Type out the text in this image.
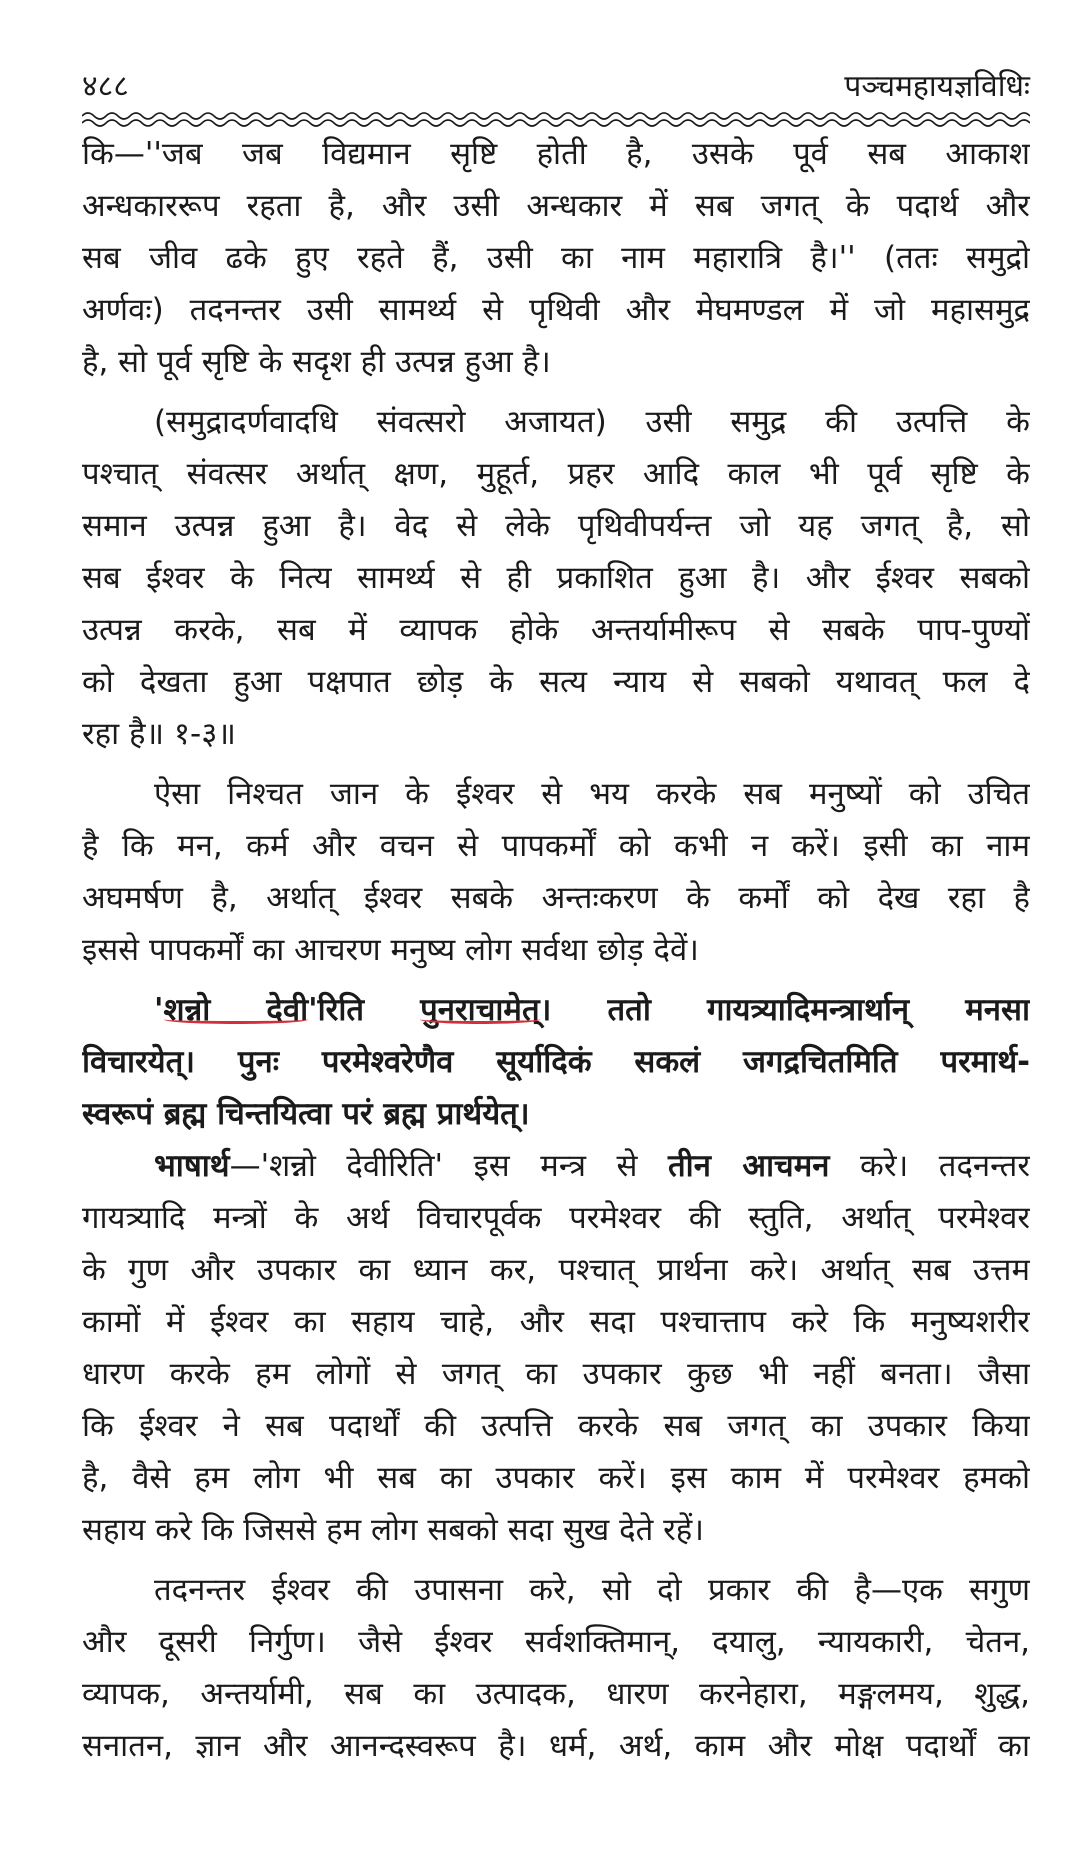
४८८	पञ्चमहायज्ञविधिः
कि—''जब जब विद्यमान सृष्टि होती है, उसके पूर्व सब आकाश
अन्धकाररूप रहता है, और उसी अन्धकार में सब जगत् के पदार्थ और
सब जीव ढके हुए रहते हैं, उसी का नाम महारात्रि है।'' (ततः समुद्रो
अर्णवः) तदनन्तर उसी सामर्थ्य से पृथिवी और मेघमण्डल में जो महासमुद्र
है, सो पूर्व सृष्टि के सदृश ही उत्पन्न हुआ है।
(समुद्रादर्णवादधि संवत्सरो अजायत) उसी समुद्र की उत्पत्ति के
पश्चात् संवत्सर अर्थात् क्षण, मुहूर्त, प्रहर आदि काल भी पूर्व सृष्टि के
समान उत्पन्न हुआ है। वेद से लेके पृथिवीपर्यन्त जो यह जगत् है, सो
सब ईश्वर के नित्य सामर्थ्य से ही प्रकाशित हुआ है। और ईश्वर सबको
उत्पन्न करके, सब में व्यापक होके अन्तर्यामीरूप से सबके पाप-पुण्यों
को देखता हुआ पक्षपात छोड़ के सत्य न्याय से सबको यथावत् फल दे
रहा है॥ १-३॥
ऐसा निश्चत जान के ईश्वर से भय करके सब मनुष्यों को उचित
है कि मन, कर्म और वचन से पापकर्मों को कभी न करें। इसी का नाम
अघमर्षण है, अर्थात् ईश्वर सबके अन्तःकरण के कर्मों को देख रहा है
इससे पापकर्मों का आचरण मनुष्य लोग सर्वथा छोड़ देवें।
'शन्नो देवी'रिति पुनराचामेत्। ततो गायत्र्यादिमन्त्रार्थान् मनसा
विचारयेत्। पुनः परमेश्वरेणैव सूर्यादिकं सकलं जगद्रचितमिति परमार्थ-
स्वरूपं ब्रह्म चिन्तयित्वा परं ब्रह्म प्रार्थयेत्।
भाषार्थ—'शन्नो देवीरिति' इस मन्त्र से तीन आचमन करे। तदनन्तर
गायत्र्यादि मन्त्रों के अर्थ विचारपूर्वक परमेश्वर की स्तुति, अर्थात् परमेश्वर
के गुण और उपकार का ध्यान कर, पश्चात् प्रार्थना करे। अर्थात् सब उत्तम
कामों में ईश्वर का सहाय चाहे, और सदा पश्चात्ताप करे कि मनुष्यशरीर
धारण करके हम लोगों से जगत् का उपकार कुछ भी नहीं बनता। जैसा
कि ईश्वर ने सब पदार्थों की उत्पत्ति करके सब जगत् का उपकार किया
है, वैसे हम लोग भी सब का उपकार करें। इस काम में परमेश्वर हमको
सहाय करे कि जिससे हम लोग सबको सदा सुख देते रहें।
तदनन्तर ईश्वर की उपासना करे, सो दो प्रकार की है—एक सगुण
और दूसरी निर्गुण। जैसे ईश्वर सर्वशक्तिमान्, दयालु, न्यायकारी, चेतन,
व्यापक, अन्तर्यामी, सब का उत्पादक, धारण करनेहारा, मङ्गलमय, शुद्ध,
सनातन, ज्ञान और आनन्दस्वरूप है। धर्म, अर्थ, काम और मोक्ष पदार्थों का
